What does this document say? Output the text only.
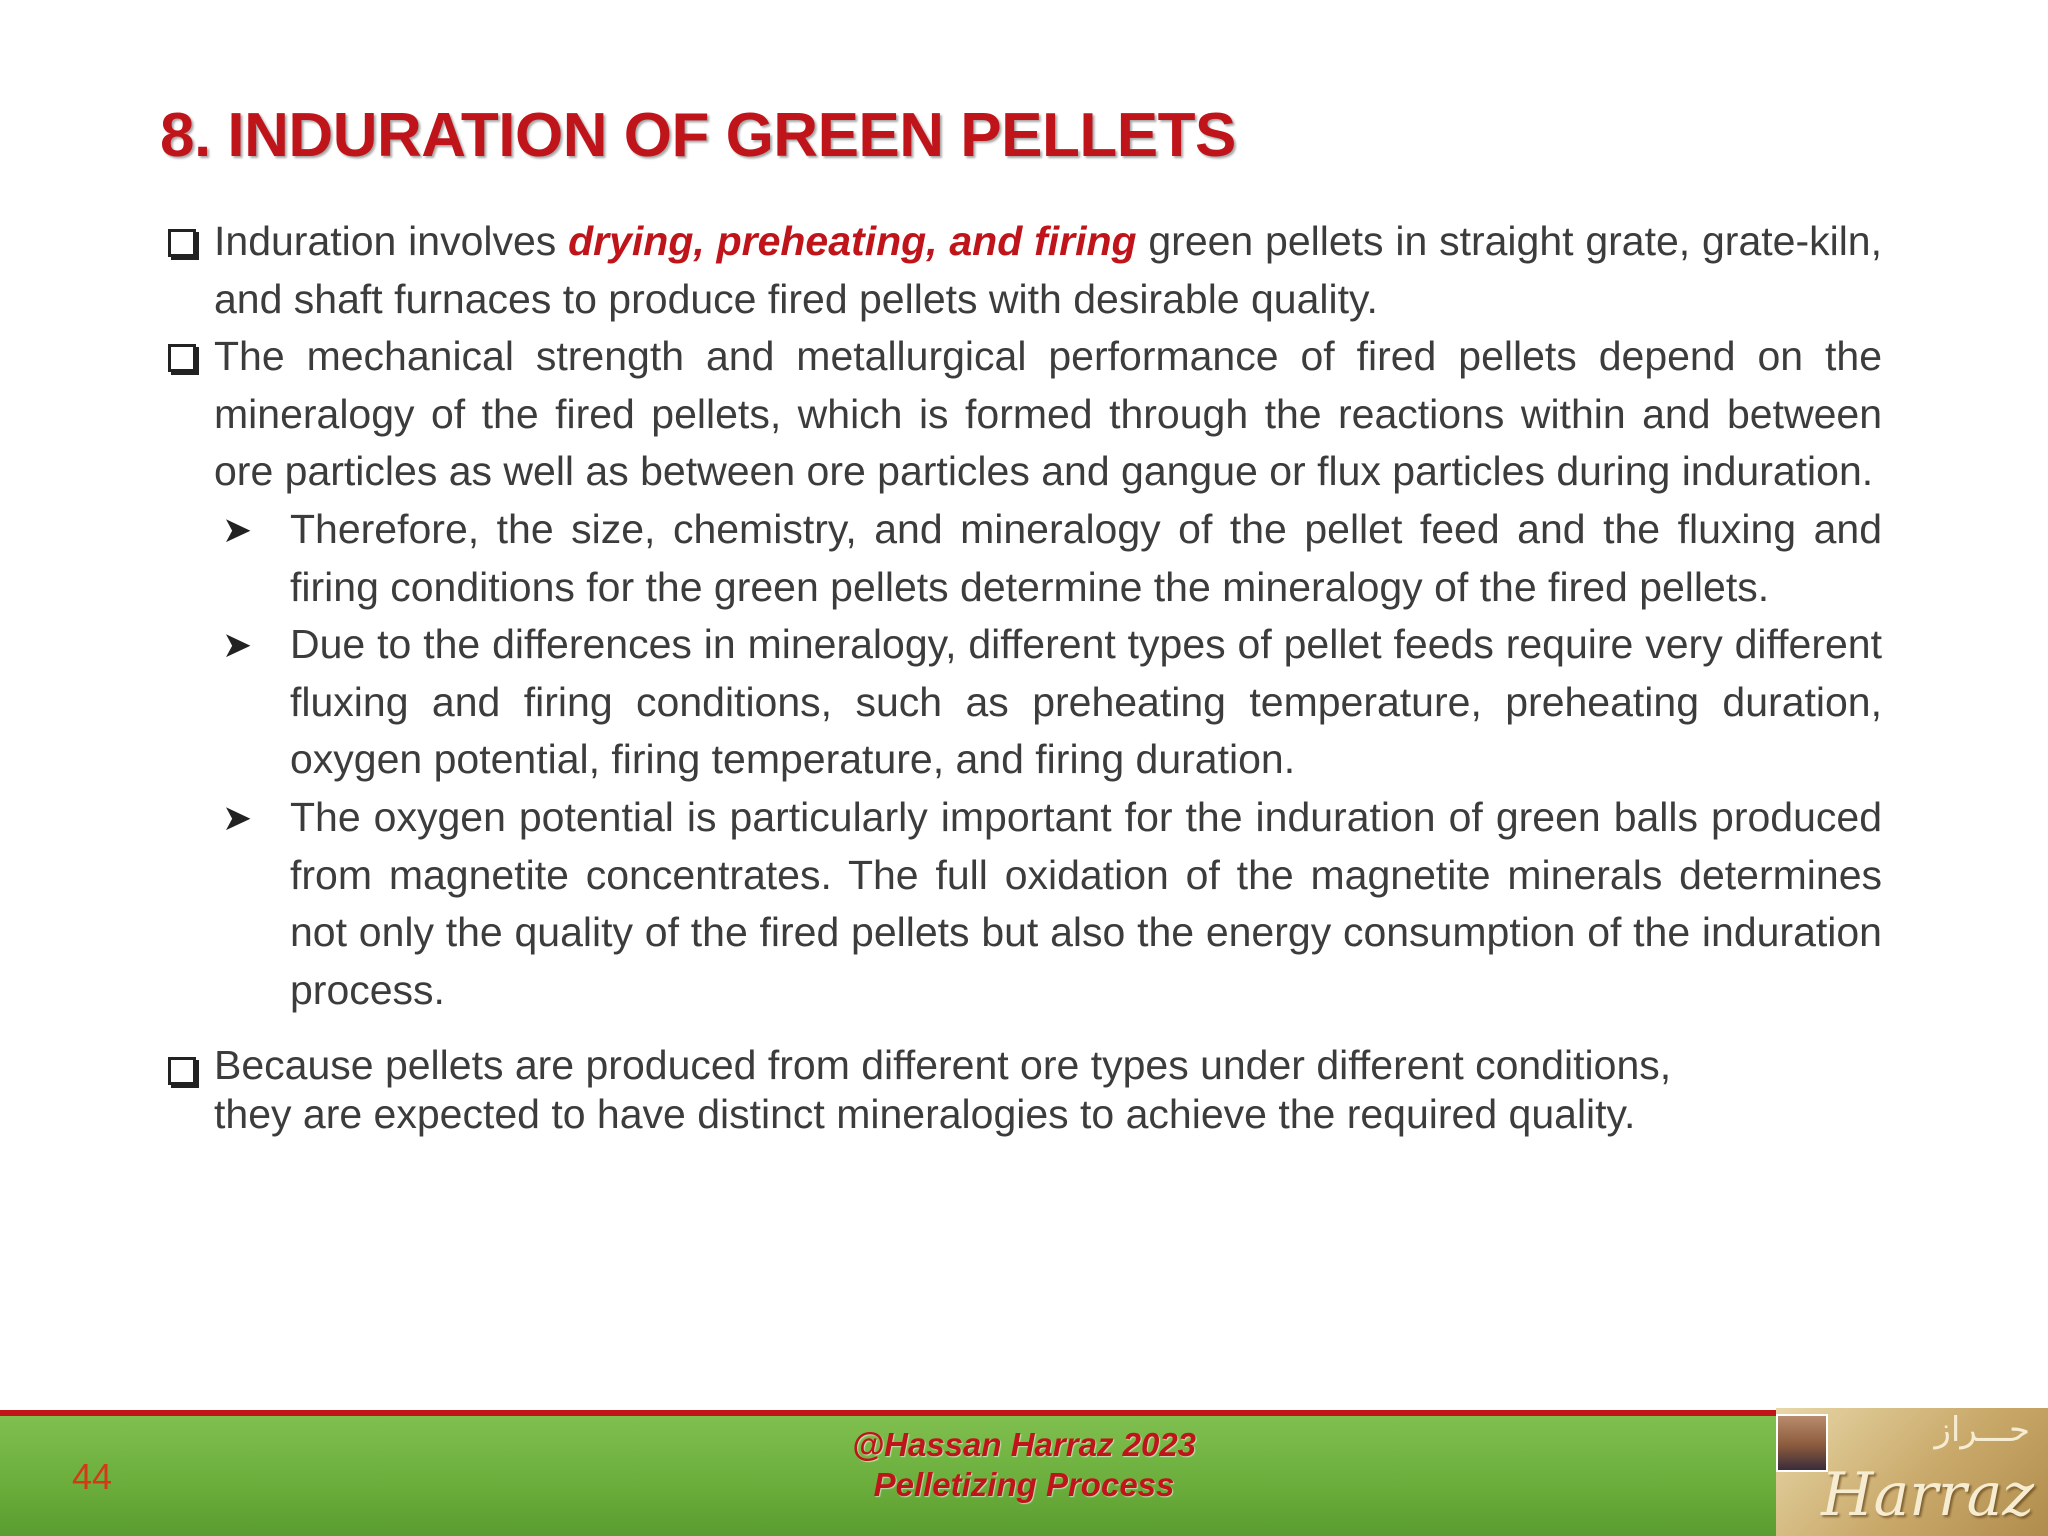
8. INDURATION OF GREEN PELLETS
Induration involves drying, preheating, and firing green pellets in straight grate, grate-kiln, and shaft furnaces to produce fired pellets with desirable quality.
The mechanical strength and metallurgical performance of fired pellets depend on the mineralogy of the fired pellets, which is formed through the reactions within and between ore particles as well as between ore particles and gangue or flux particles during induration.
➤ Therefore, the size, chemistry, and mineralogy of the pellet feed and the fluxing and firing conditions for the green pellets determine the mineralogy of the fired pellets.
➤ Due to the differences in mineralogy, different types of pellet feeds require very different fluxing and firing conditions, such as preheating temperature, preheating duration, oxygen potential, firing temperature, and firing duration.
➤ The oxygen potential is particularly important for the induration of green balls produced from magnetite concentrates. The full oxidation of the magnetite minerals determines not only the quality of the fired pellets but also the energy consumption of the induration process.
Because pellets are produced from different ore types under different conditions,
they are expected to have distinct mineralogies to achieve the required quality.
44
@Hassan Harraz 2023
Pelletizing Process
حـــراز
Harraz
